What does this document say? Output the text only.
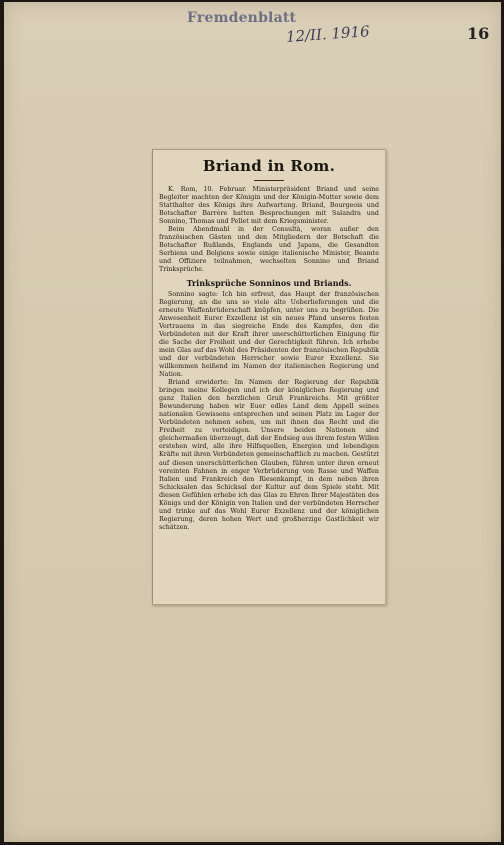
Fremdenblatt
12/II. 1916	16
Briand in Rom.

K. Rom, 10. Februar. Ministerpräsident Briand und seine Begleiter machten der Königin und der Königin-Mutter sowie dem Statthalter des Königs ihre Aufwartung. Briand, Bourgeois und Botschafter Barrère hatten Besprechungen mit Salandra und Sonnino, Thomas und Pellet mit dem Kriegsminister.

Beim Abendmahl in der Consultà, woran außer den französischen Gästen und den Mitgliedern der Botschaft die Botschafter Rußlands, Englands und Japans, die Gesandten Serbiens und Belgiens sowie einige italienische Minister, Beamte und Offiziere teilnahmen, wechselten Sonnino und Briand Trinksprüche.

Trinksprüche Sonninos und Briands.

Sonnino sagte: Ich bin erfreut, das Haupt der französischen Regierung, an die uns so viele alte Ueberlieferungen und die erneute Waffenbrüderschaft knüpfen, unter uns zu begrüßen. Die Anwesenheit Eurer Exzellenz ist ein neues Pfand unseres festen Vertrauens in das siegreiche Ende des Kampfes, den die Verbündeten mit der Kraft ihrer unerschütterlichen Einigung für die Sache der Freiheit und der Gerechtigkeit führen. Ich erhebe mein Glas auf das Wohl des Präsidenten der französischen Republik und der verbündeten Herrscher sowie Eurer Exzellenz. Sie willkommen heißend im Namen der italienischen Regierung und Nation.

Briand erwiderte: Im Namen der Regierung der Republik bringen meine Kollegen und ich der königlichen Regierung und ganz Italien den herzlichen Gruß Frankreichs. Mit größter Bewunderung haben wir Euer edles Land dem Appell seines nationalen Gewissens entsprechen und seinen Platz im Lager der Verbündeten nehmen sehen, um mit ihnen das Recht und die Freiheit zu verteidigen. Unsere beiden Nationen sind gleichermaßen überzeugt, daß der Endsieg aus ihrem festen Willen erstehen wird, alle ihre Hilfsquellen, Energien und lebendigen Kräfte mit ihren Verbündeten gemeinschaftlich zu machen. Gestützt auf diesen unerschütterlichen Glauben, führen unter ihren erneut vereinten Fahnen in enger Verbrüderung von Rasse und Waffen Italien und Frankreich den Riesenkampf, in dem neben ihren Schicksalen das Schicksal der Kultur auf dem Spiele steht. Mit diesen Gefühlen erhebe ich das Glas zu Ehren Ihrer Majestäten des Königs und der Königin von Italien und der verbündeten Herrscher und trinke auf das Wohl Eurer Exzellenz und der königlichen Regierung, deren hohen Wert und großherzige Gastlichkeit wir schätzen.
